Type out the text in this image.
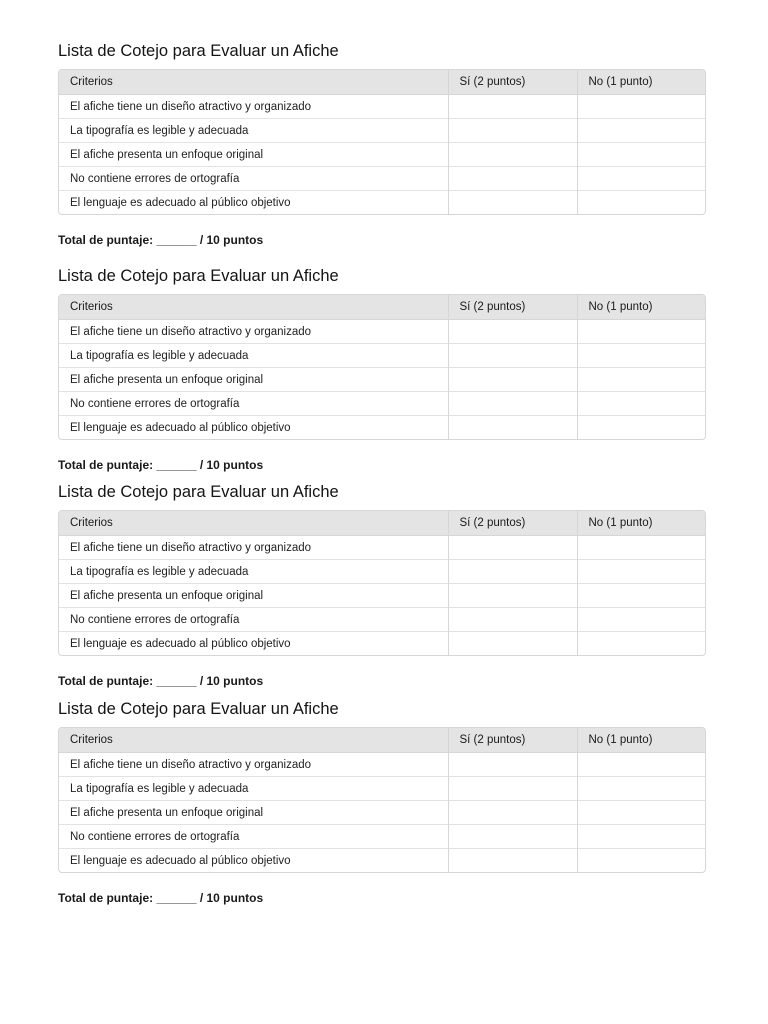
Lista de Cotejo para Evaluar un Afiche
Criterios	Sí (2 puntos)	No (1 punto)
El afiche tiene un diseño atractivo y organizado		
La tipografía es legible y adecuada		
El afiche presenta un enfoque original		
No contiene errores de ortografía		
El lenguaje es adecuado al público objetivo		
Total de puntaje: ______ / 10 puntos
Lista de Cotejo para Evaluar un Afiche
Criterios	Sí (2 puntos)	No (1 punto)
El afiche tiene un diseño atractivo y organizado		
La tipografía es legible y adecuada		
El afiche presenta un enfoque original		
No contiene errores de ortografía		
El lenguaje es adecuado al público objetivo		
Total de puntaje: ______ / 10 puntos
Lista de Cotejo para Evaluar un Afiche
Criterios	Sí (2 puntos)	No (1 punto)
El afiche tiene un diseño atractivo y organizado		
La tipografía es legible y adecuada		
El afiche presenta un enfoque original		
No contiene errores de ortografía		
El lenguaje es adecuado al público objetivo		
Total de puntaje: ______ / 10 puntos
Lista de Cotejo para Evaluar un Afiche
Criterios	Sí (2 puntos)	No (1 punto)
El afiche tiene un diseño atractivo y organizado		
La tipografía es legible y adecuada		
El afiche presenta un enfoque original		
No contiene errores de ortografía		
El lenguaje es adecuado al público objetivo		
Total de puntaje: ______ / 10 puntos
